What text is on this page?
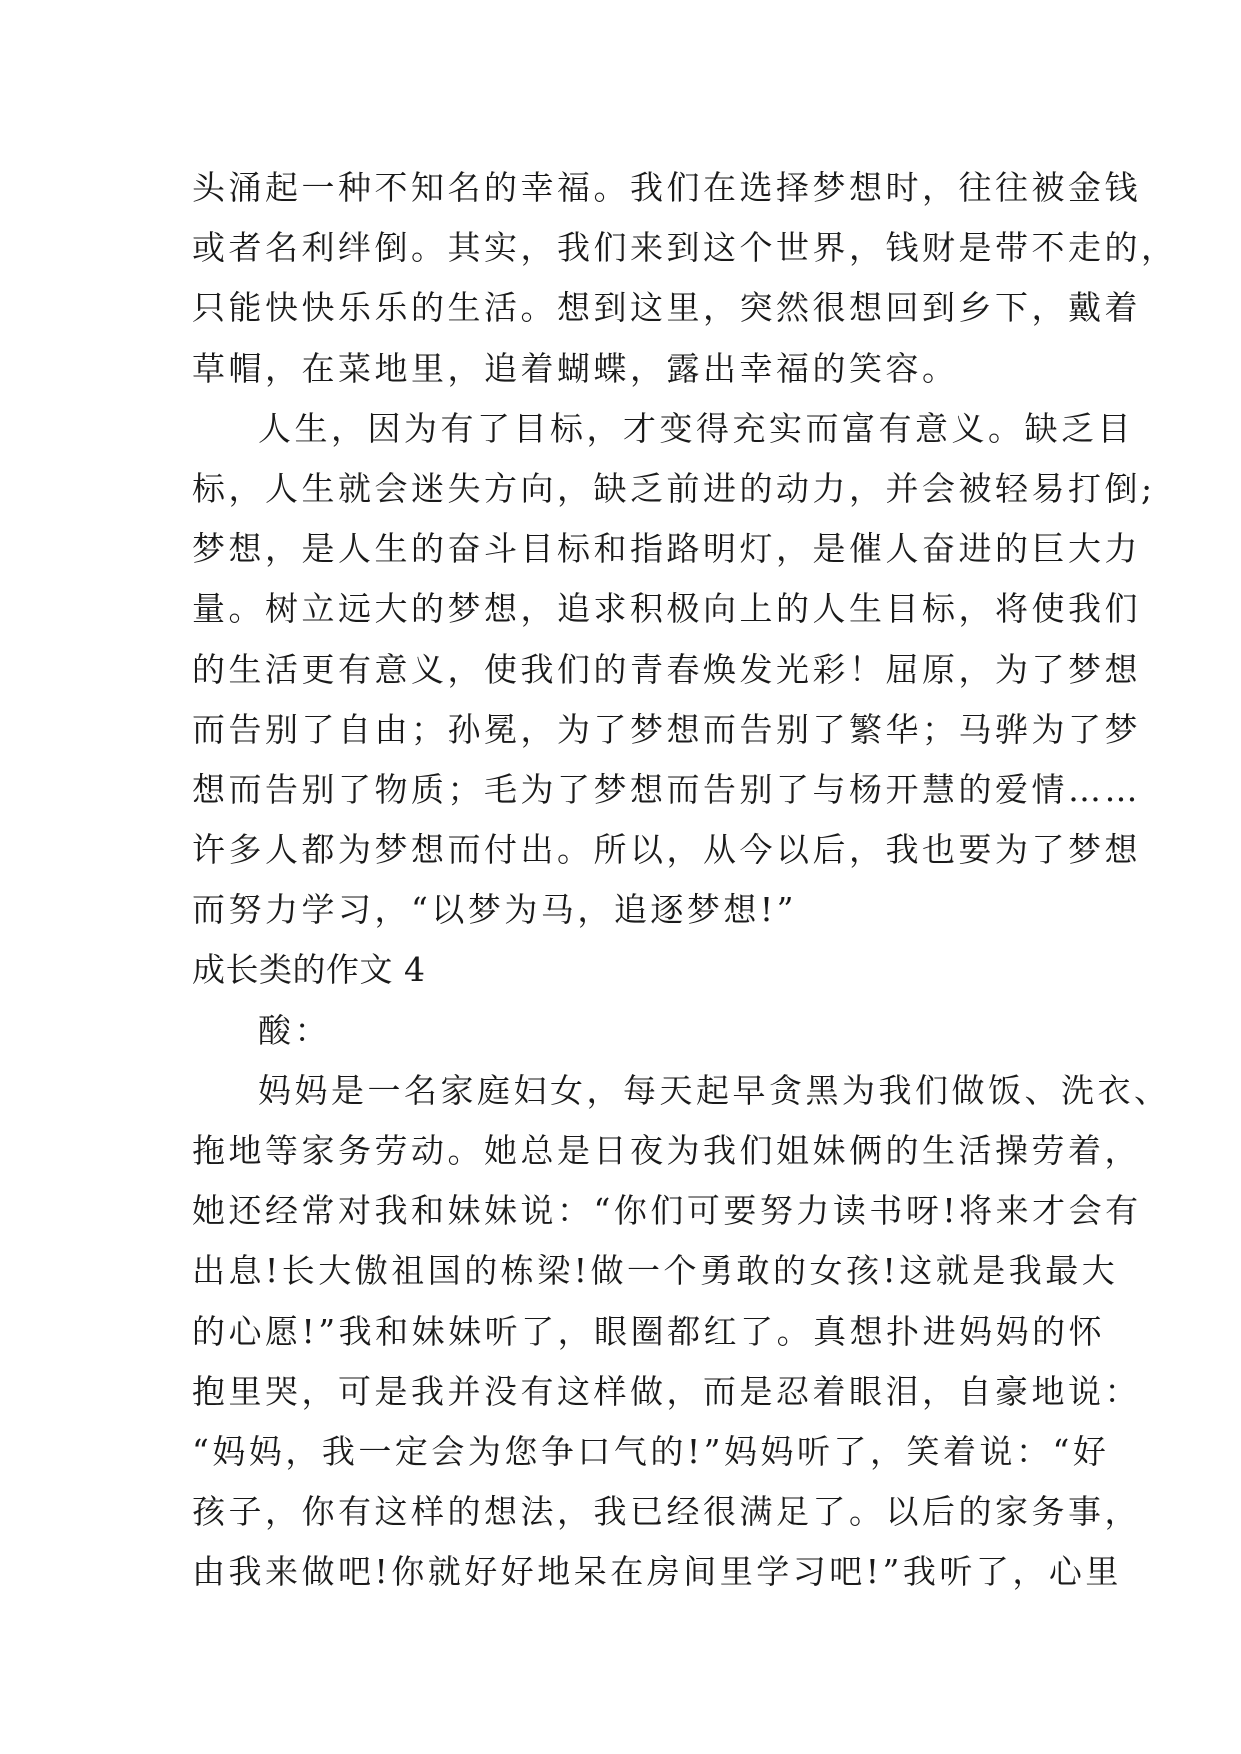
头涌起一种不知名的幸福。我们在选择梦想时，往往被金钱
或者名利绊倒。其实，我们来到这个世界，钱财是带不走的，
只能快快乐乐的生活。想到这里，突然很想回到乡下，戴着
草帽，在菜地里，追着蝴蝶，露出幸福的笑容。
人生，因为有了目标，才变得充实而富有意义。缺乏目
标，人生就会迷失方向，缺乏前进的动力，并会被轻易打倒;
梦想，是人生的奋斗目标和指路明灯，是催人奋进的巨大力
量。树立远大的梦想，追求积极向上的人生目标，将使我们
的生活更有意义，使我们的青春焕发光彩！屈原，为了梦想
而告别了自由；孙冕，为了梦想而告别了繁华；马骅为了梦
想而告别了物质；毛为了梦想而告别了与杨开慧的爱情……
许多人都为梦想而付出。所以，从今以后，我也要为了梦想
而努力学习，“以梦为马，追逐梦想!”
成长类的作文 4
酸：
妈妈是一名家庭妇女，每天起早贪黑为我们做饭、洗衣、
拖地等家务劳动。她总是日夜为我们姐妹俩的生活操劳着，
她还经常对我和妹妹说：“你们可要努力读书呀!将来才会有
出息!长大傲祖国的栋梁!做一个勇敢的女孩!这就是我最大
的心愿!”我和妹妹听了，眼圈都红了。真想扑进妈妈的怀
抱里哭，可是我并没有这样做，而是忍着眼泪，自豪地说：
“妈妈，我一定会为您争口气的!”妈妈听了，笑着说：“好
孩子，你有这样的想法，我已经很满足了。以后的家务事，
由我来做吧!你就好好地呆在房间里学习吧!”我听了，心里
